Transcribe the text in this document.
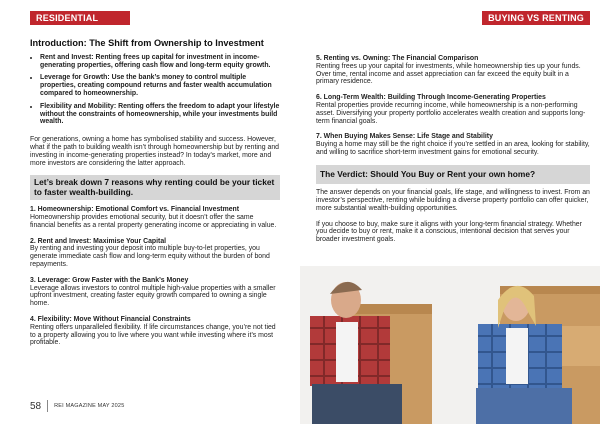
RESIDENTIAL	BUYING VS RENTING
Introduction: The Shift from Ownership to Investment
• Rent and Invest: Renting frees up capital for investment in income-generating properties, offering cash flow and long-term equity growth.
• Leverage for Growth: Use the bank’s money to control multiple properties, creating compound returns and faster wealth accumulation compared to homeownership.
• Flexibility and Mobility: Renting offers the freedom to adapt your lifestyle without the constraints of homeownership, while your investments build wealth.

For generations, owning a home has symbolised stability and success. However, what if the path to building wealth isn’t through homeownership but by renting and investing in income-generating properties instead? In today’s market, more and more investors are considering the latter approach.

Let’s break down 7 reasons why renting could be your ticket to faster wealth-building.

1. Homeownership: Emotional Comfort vs. Financial Investment
Homeownership provides emotional security, but it doesn’t offer the same financial benefits as a rental property generating income or appreciating in value.

2. Rent and Invest: Maximise Your Capital
By renting and investing your deposit into multiple buy-to-let properties, you generate immediate cash flow and long-term equity without the burden of bond repayments.

3. Leverage: Grow Faster with the Bank’s Money
Leverage allows investors to control multiple high-value properties with a smaller upfront investment, creating faster equity growth compared to owning a single home.

4. Flexibility: Move Without Financial Constraints
Renting offers unparalleled flexibility. If life circumstances change, you’re not tied to a property allowing you to live where you want while investing where it’s most profitable.

5. Renting vs. Owning: The Financial Comparison
Renting frees up your capital for investments, while homeownership ties up your funds. Over time, rental income and asset appreciation can far exceed the equity built in a primary residence.

6. Long-Term Wealth: Building Through Income-Generating Properties
Rental properties provide recurring income, while homeownership is a non-performing asset. Diversifying your property portfolio accelerates wealth creation and supports long-term financial goals.

7. When Buying Makes Sense: Life Stage and Stability
Buying a home may still be the right choice if you’re settled in an area, looking for stability, and willing to sacrifice short-term investment gains for emotional security.

The Verdict: Should You Buy or Rent your own home?

The answer depends on your financial goals, life stage, and willingness to invest. From an investor’s perspective, renting while building a diverse property portfolio can offer quicker, more substantial wealth-building opportunities.

If you choose to buy, make sure it aligns with your long-term financial strategy. Whether you decide to buy or rent, make it a conscious, intentional decision that serves your broader investment goals.

58 REI MAGAZINE MAY 2025
